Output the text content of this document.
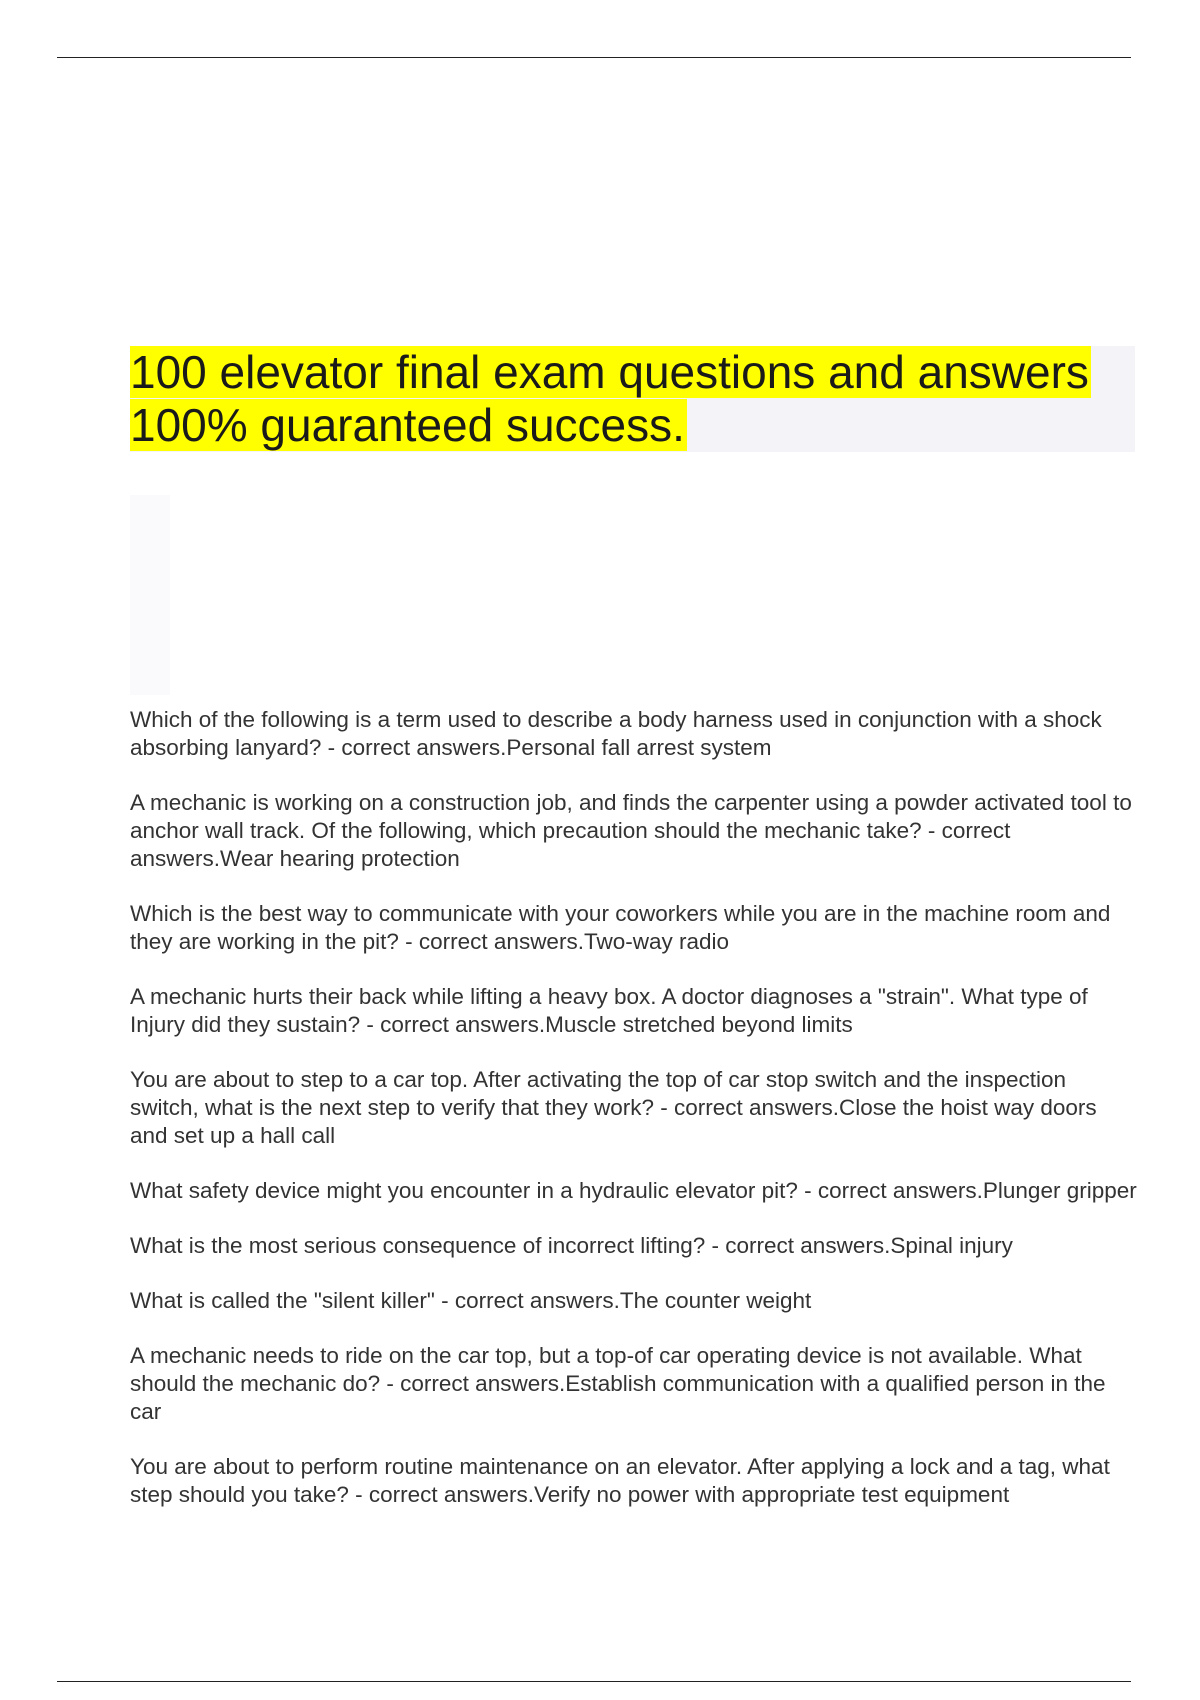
100 elevator final exam questions and answers
100% guaranteed success.

Which of the following is a term used to describe a body harness used in conjunction with a shock absorbing lanyard? - correct answers.Personal fall arrest system

A mechanic is working on a construction job, and finds the carpenter using a powder activated tool to anchor wall track. Of the following, which precaution should the mechanic take? - correct answers.Wear hearing protection

Which is the best way to communicate with your coworkers while you are in the machine room and they are working in the pit? - correct answers.Two-way radio

A mechanic hurts their back while lifting a heavy box. A doctor diagnoses a "strain". What type of Injury did they sustain? - correct answers.Muscle stretched beyond limits

You are about to step to a car top. After activating the top of car stop switch and the inspection switch, what is the next step to verify that they work? - correct answers.Close the hoist way doors and set up a hall call

What safety device might you encounter in a hydraulic elevator pit? - correct answers.Plunger gripper

What is the most serious consequence of incorrect lifting? - correct answers.Spinal injury

What is called the "silent killer" - correct answers.The counter weight

A mechanic needs to ride on the car top, but a top-of car operating device is not available. What should the mechanic do? - correct answers.Establish communication with a qualified person in the car

You are about to perform routine maintenance on an elevator. After applying a lock and a tag, what step should you take? - correct answers.Verify no power with appropriate test equipment
